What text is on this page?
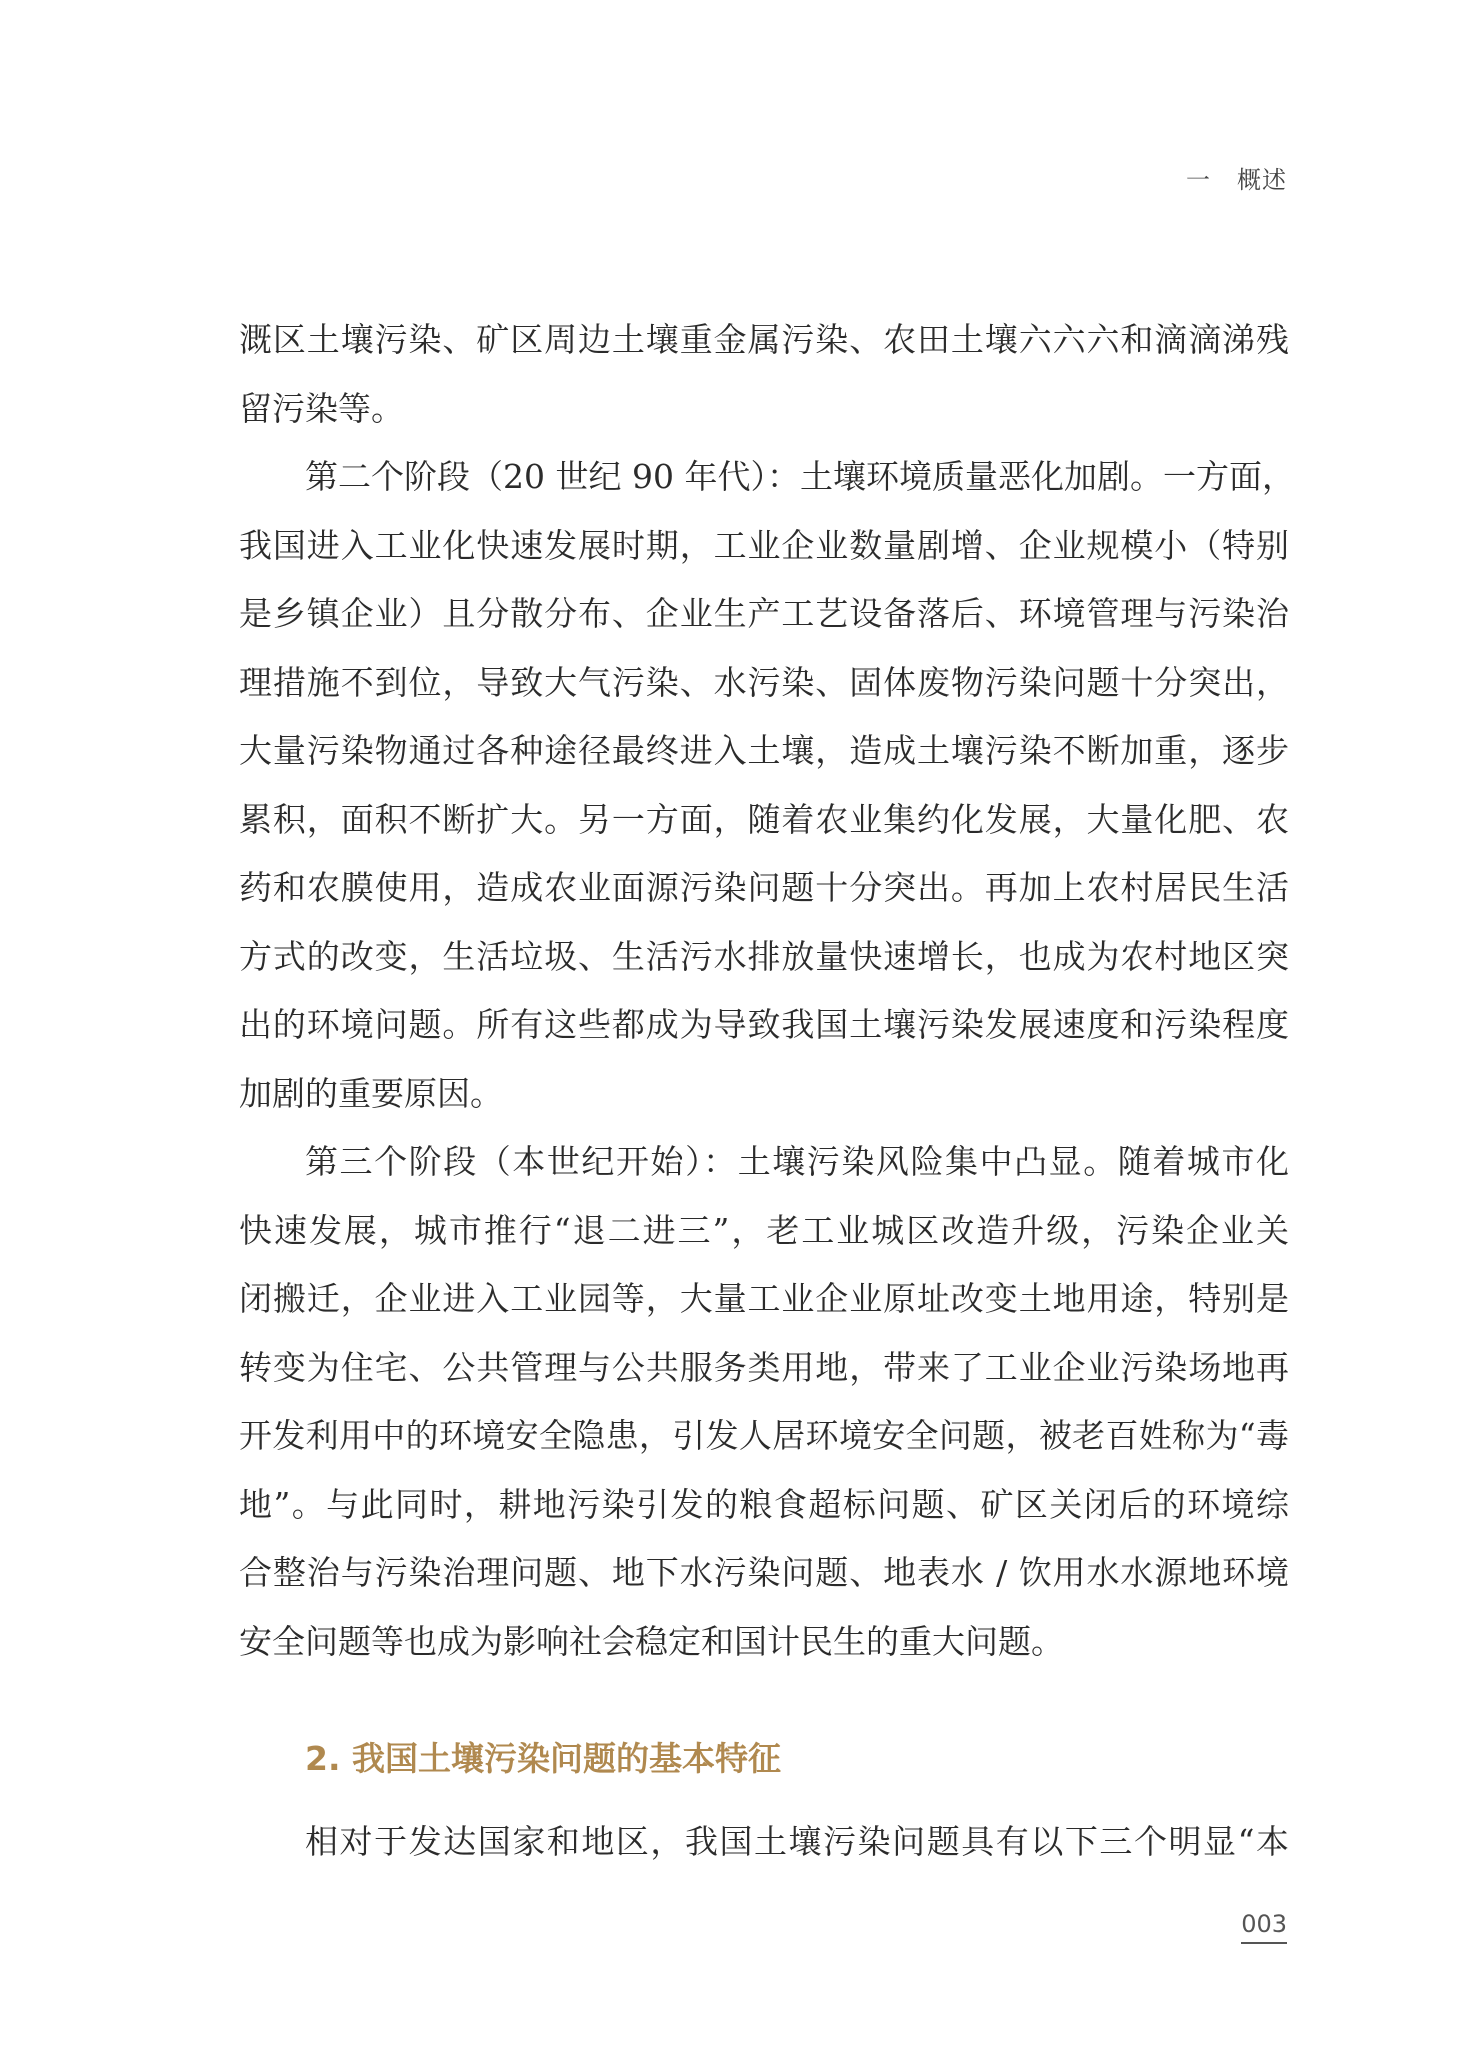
一 概述
溉区土壤污染、矿区周边土壤重金属污染、农田土壤六六六和滴滴涕残
留污染等。
第二个阶段（20 世纪 90 年代）：土壤环境质量恶化加剧。一方面，
我国进入工业化快速发展时期，工业企业数量剧增、企业规模小（特别
是乡镇企业）且分散分布、企业生产工艺设备落后、环境管理与污染治
理措施不到位，导致大气污染、水污染、固体废物污染问题十分突出，
大量污染物通过各种途径最终进入土壤，造成土壤污染不断加重，逐步
累积，面积不断扩大。另一方面，随着农业集约化发展，大量化肥、农
药和农膜使用，造成农业面源污染问题十分突出。再加上农村居民生活
方式的改变，生活垃圾、生活污水排放量快速增长，也成为农村地区突
出的环境问题。所有这些都成为导致我国土壤污染发展速度和污染程度
加剧的重要原因。
第三个阶段（本世纪开始）：土壤污染风险集中凸显。随着城市化
快速发展，城市推行“退二进三”，老工业城区改造升级，污染企业关
闭搬迁，企业进入工业园等，大量工业企业原址改变土地用途，特别是
转变为住宅、公共管理与公共服务类用地，带来了工业企业污染场地再
开发利用中的环境安全隐患，引发人居环境安全问题，被老百姓称为“毒
地”。与此同时，耕地污染引发的粮食超标问题、矿区关闭后的环境综
合整治与污染治理问题、地下水污染问题、地表水 / 饮用水水源地环境
安全问题等也成为影响社会稳定和国计民生的重大问题。
2. 我国土壤污染问题的基本特征
相对于发达国家和地区，我国土壤污染问题具有以下三个明显“本
003
